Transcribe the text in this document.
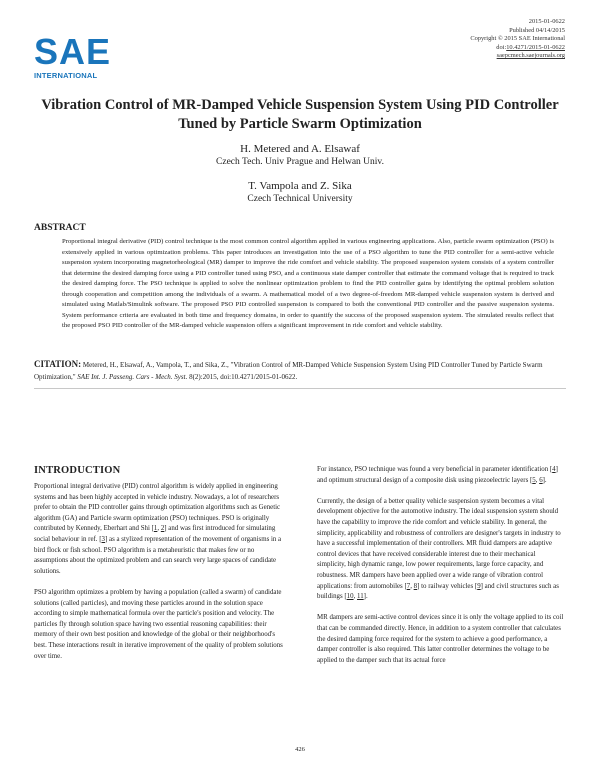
SAE
INTERNATIONAL
2015-01-0622
Published 04/14/2015
Copyright © 2015 SAE International
doi:10.4271/2015-01-0622
saepcmech.saejournals.org
Vibration Control of MR-Damped Vehicle Suspension System Using PID Controller Tuned by Particle Swarm Optimization
H. Metered and A. Elsawaf
Czech Tech. Univ Prague and Helwan Univ.
T. Vampola and Z. Sika
Czech Technical University
ABSTRACT
Proportional integral derivative (PID) control technique is the most common control algorithm applied in various engineering applications. Also, particle swarm optimization (PSO) is extensively applied in various optimization problems. This paper introduces an investigation into the use of a PSO algorithm to tune the PID controller for a semi-active vehicle suspension system incorporating magnetorheological (MR) damper to improve the ride comfort and vehicle stability. The proposed suspension system consists of a system controller that determine the desired damping force using a PID controller tuned using PSO, and a continuous state damper controller that estimate the command voltage that is required to track the desired damping force. The PSO technique is applied to solve the nonlinear optimization problem to find the PID controller gains by identifying the optimal problem solution through cooperation and competition among the individuals of a swarm. A mathematical model of a two degree-of-freedom MR-damped vehicle suspension system is derived and simulated using Matlab/Simulink software. The proposed PSO PID controlled suspension is compared to both the conventional PID controller and the passive suspension systems. System performance criteria are evaluated in both time and frequency domains, in order to quantify the success of the proposed suspension system. The simulated results reflect that the proposed PSO PID controller of the MR-damped vehicle suspension offers a significant improvement in ride comfort and vehicle stability.
CITATION: Metered, H., Elsawaf, A., Vampola, T., and Sika, Z., "Vibration Control of MR-Damped Vehicle Suspension System Using PID Controller Tuned by Particle Swarm Optimization," SAE Int. J. Passeng. Cars - Mech. Syst. 8(2):2015, doi:10.4271/2015-01-0622.
INTRODUCTION

Proportional integral derivative (PID) control algorithm is widely applied in engineering systems and has been highly accepted in vehicle industry. Nowadays, a lot of researchers prefer to obtain the PID controller gains through optimization algorithms such as Genetic algorithm (GA) and Particle swarm optimization (PSO) techniques. PSO is originally contributed by Kennedy, Eberhart and Shi [1, 2] and was first introduced for simulating social behaviour in ref. [3] as a stylized representation of the movement of organisms in a bird flock or fish school. PSO algorithm is a metaheuristic that makes few or no assumptions about the optimized problem and can search very large spaces of candidate solutions.

PSO algorithm optimizes a problem by having a population (called a swarm) of candidate solutions (called particles), and moving these particles around in the solution space according to simple mathematical formula over the particle's position and velocity. The particles fly through solution space having two essential reasoning capabilities: their memory of their own best position and knowledge of the global or their neighborhood's best. These interactions result in iterative improvement of the quality of problem solutions over time.

For instance, PSO technique was found a very beneficial in parameter identification [4] and optimum structural design of a composite disk using piezoelectric layers [5, 6].

Currently, the design of a better quality vehicle suspension system becomes a vital development objective for the automotive industry. The ideal suspension system should have the capability to improve the ride comfort and vehicle stability. In general, the simplicity, applicability and robustness of controllers are designer's targets in industry to have a successful implementation of their controllers. MR fluid dampers are adaptive control devices that have received considerable interest due to their mechanical simplicity, high dynamic range, low power requirements, large force capacity, and robustness. MR dampers have been applied over a wide range of vibration control applications: from automobiles [7, 8] to railway vehicles [9] and civil structures such as buildings [10, 11].

MR dampers are semi-active control devices since it is only the voltage applied to its coil that can be commanded directly. Hence, in addition to a system controller that calculates the desired damping force required for the system to achieve a good performance, a damper controller is also required. This latter controller determines the voltage to be applied to the damper such that its actual force

426
